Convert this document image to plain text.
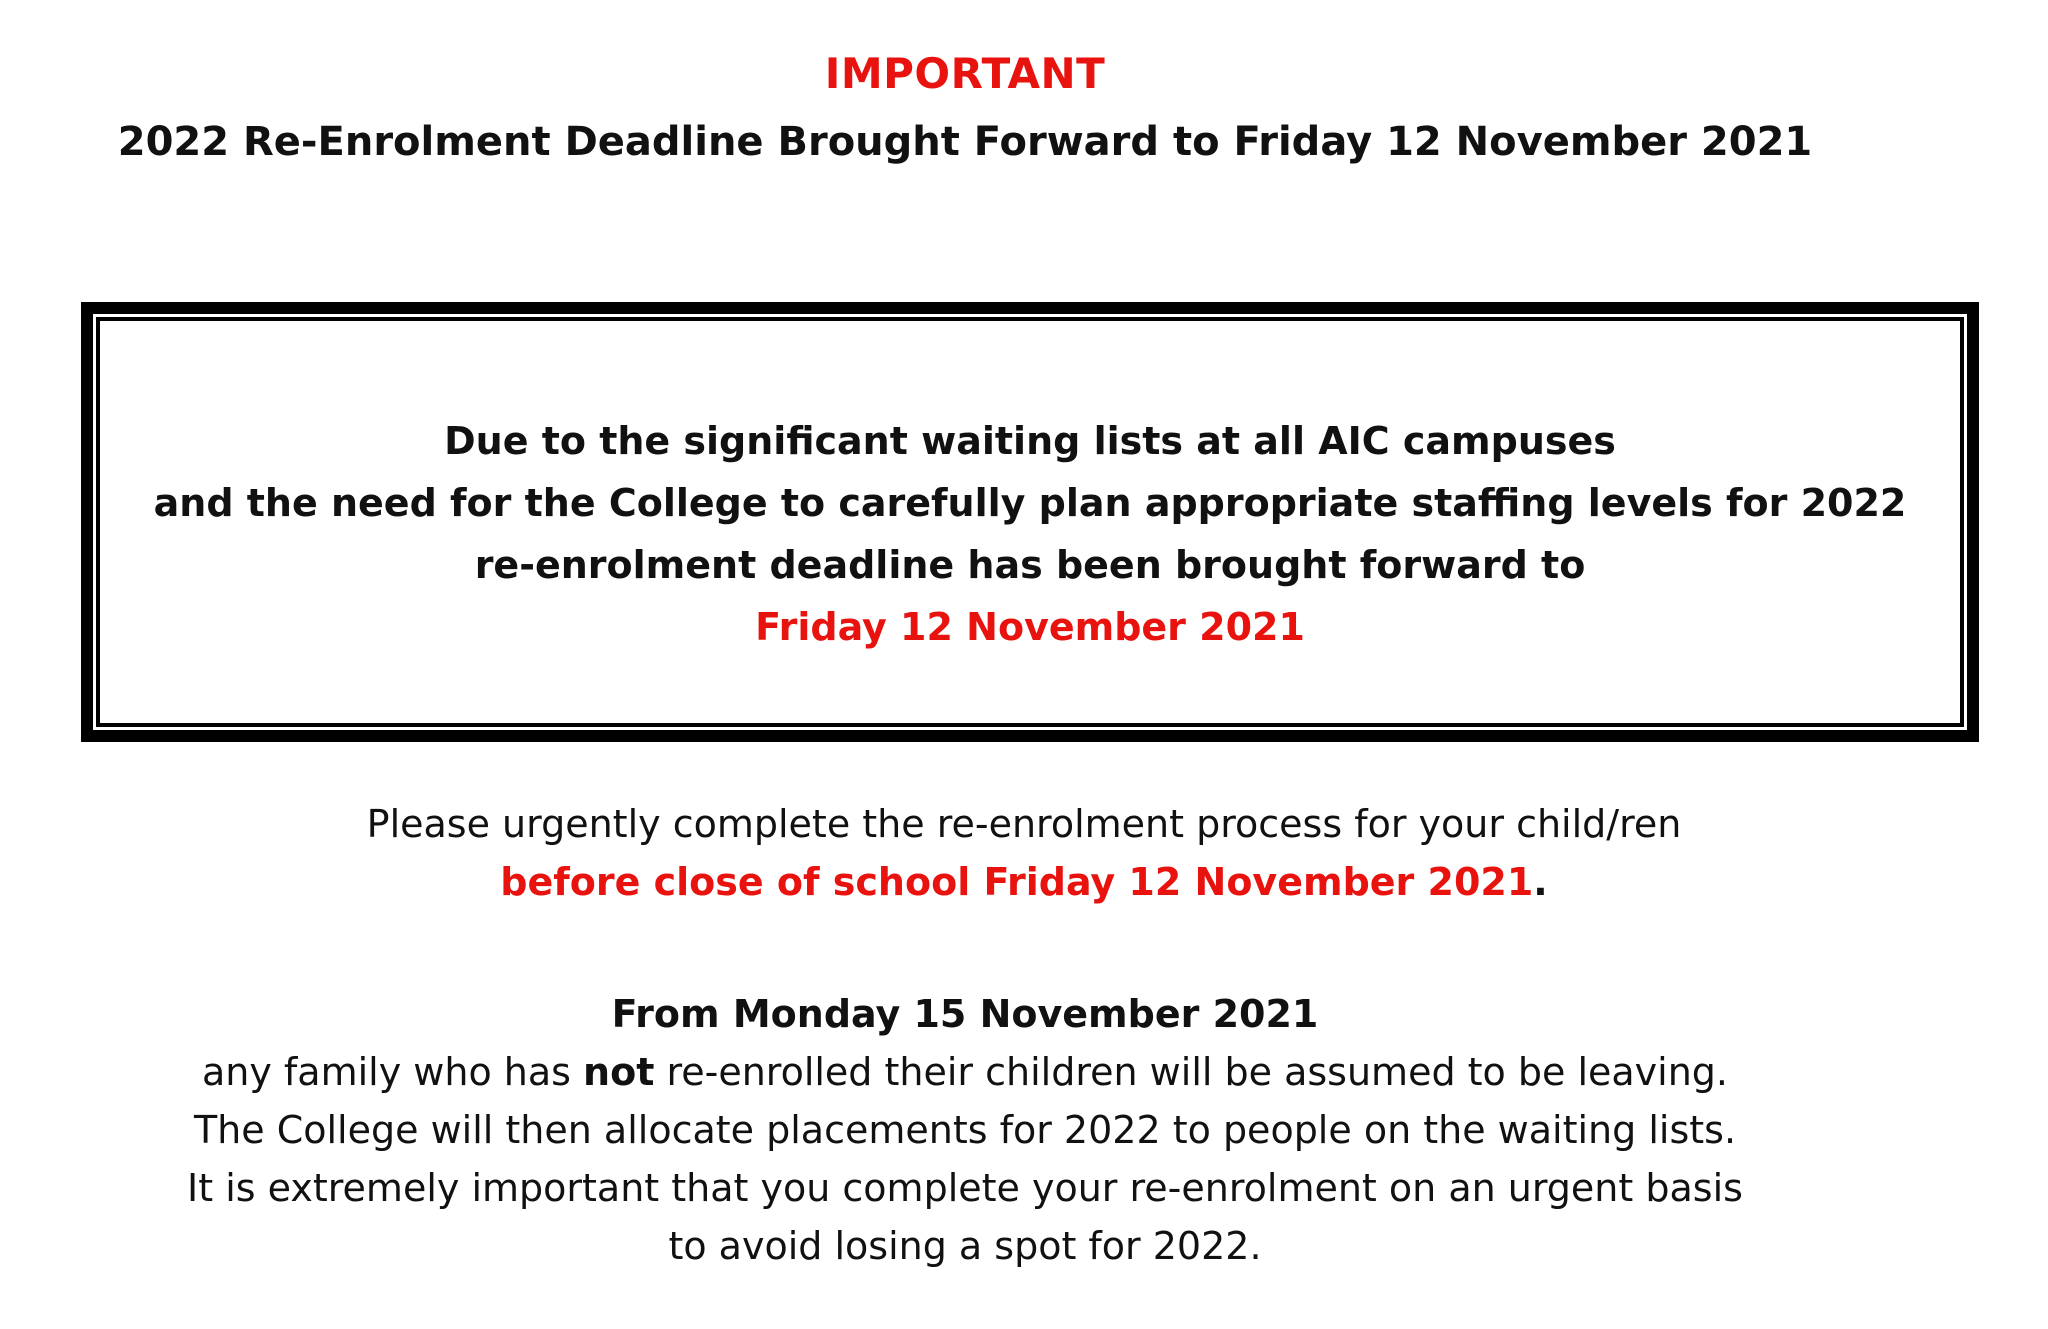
IMPORTANT
2022 Re-Enrolment Deadline Brought Forward to Friday 12 November 2021
Due to the significant waiting lists at all AIC campuses
and the need for the College to carefully plan appropriate staffing levels for 2022
re-enrolment deadline has been brought forward to
Friday 12 November 2021
Please urgently complete the re-enrolment process for your child/ren
before close of school Friday 12 November 2021.
From Monday 15 November 2021
any family who has not re-enrolled their children will be assumed to be leaving.
The College will then allocate placements for 2022 to people on the waiting lists.
It is extremely important that you complete your re-enrolment on an urgent basis
to avoid losing a spot for 2022.
